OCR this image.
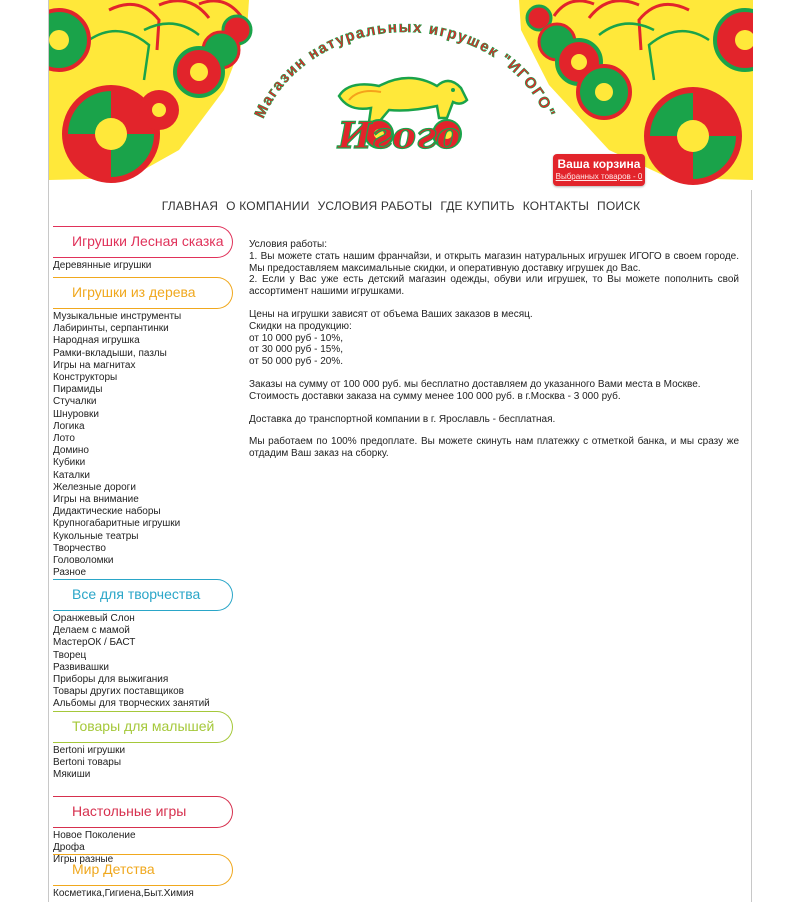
Магазин натуральных игрушек "ИГОГО"
Игого
Ваша корзина
Выбранных товаров - 0
ГЛАВНАЯ О КОМПАНИИ УСЛОВИЯ РАБОТЫ ГДЕ КУПИТЬ КОНТАКТЫ ПОИСК
Игрушки Лесная сказка
Деревянные игрушки
Игрушки из дерева
Музыкальные инструменты
Лабиринты, серпантинки
Народная игрушка
Рамки-вкладыши, пазлы
Игры на магнитах
Конструкторы
Пирамиды
Стучалки
Шнуровки
Логика
Лото
Домино
Кубики
Каталки
Железные дороги
Игры на внимание
Дидактические наборы
Крупногабаритные игрушки
Кукольные театры
Творчество
Головоломки
Разное
Все для творчества
Оранжевый Слон
Делаем с мамой
МастерОК / БАСТ
Творец
Развивашки
Приборы для выжигания
Товары других поставщиков
Альбомы для творческих занятий
Товары для малышей
Bertoni игрушки
Bertoni товары
Мякиши
Настольные игры
Новое Поколение
Дрофа
Игры разные
Мир Детства
Косметика,Гигиена,Быт.Химия

Условия работы:
1. Вы можете стать нашим франчайзи, и открыть магазин натуральных игрушек ИГОГО в своем городе. Мы предоставляем максимальные скидки, и оперативную доставку игрушек до Вас.
2. Если у Вас уже есть детский магазин одежды, обуви или игрушек, то Вы можете пополнить свой ассортимент нашими игрушками.

Цены на игрушки зависят от объема Ваших заказов в месяц.
Скидки на продукцию:
от 10 000 руб - 10%,
от 30 000 руб - 15%,
от 50 000 руб - 20%.

Заказы на сумму от 100 000 руб. мы бесплатно доставляем до указанного Вами места в Москве.
Стоимость доставки заказа на сумму менее 100 000 руб. в г.Москва - 3 000 руб.

Доставка до транспортной компании в г. Ярославль - бесплатная.

Мы работаем по 100% предоплате. Вы можете скинуть нам платежку с отметкой банка, и мы сразу же отдадим Ваш заказ на сборку.
